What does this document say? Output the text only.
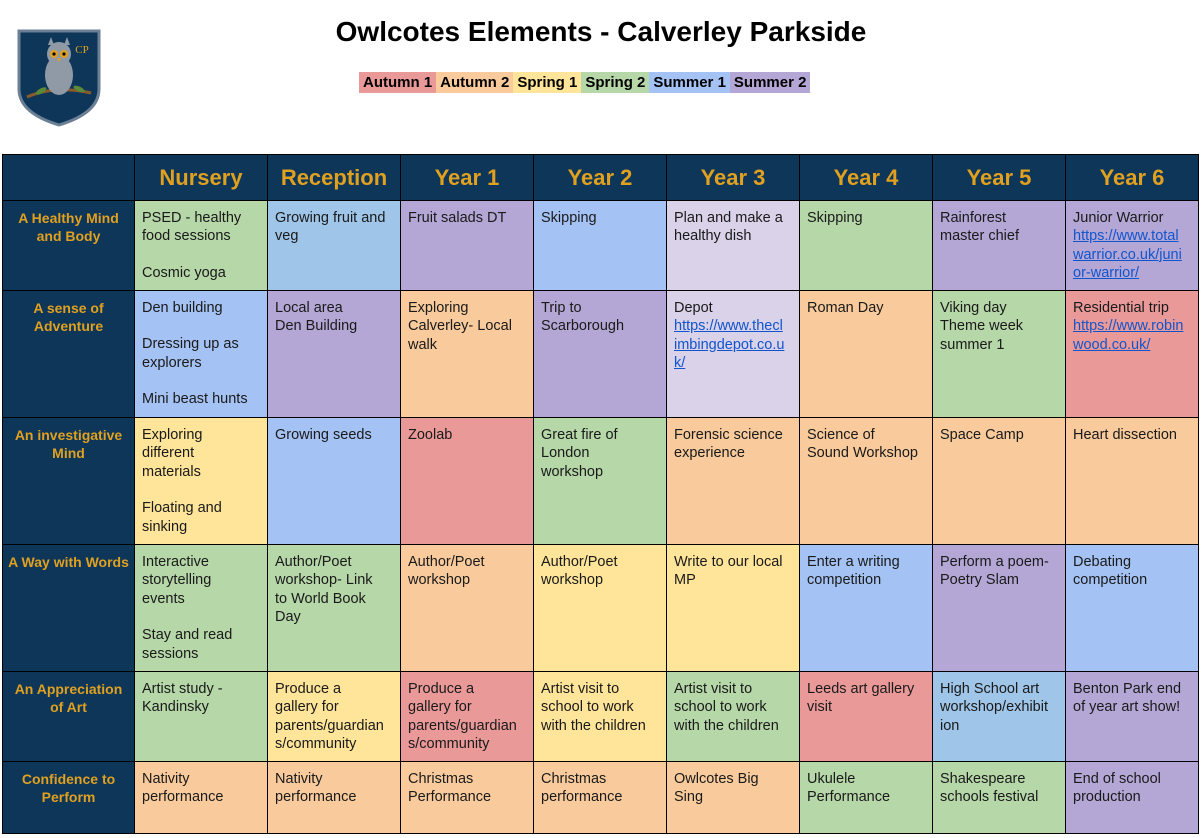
CP
Owlcotes Elements - Calverley Parkside
Autumn 1 Autumn 2 Spring 1 Spring 2 Summer 1 Summer 2
	Nursery	Reception	Year 1	Year 2	Year 3	Year 4	Year 5	Year 6
A Healthy Mind and Body	PSED - healthy
food sessions
Cosmic yoga	Growing fruit and
veg	Fruit salads DT	Skipping	Plan and make a
healthy dish	Skipping	Rainforest
master chief	Junior Warrior
https://www.total
warrior.co.uk/juni
or-warrior/

A sense of Adventure	Den building
Dressing up as
explorers
Mini beast hunts	Local area
Den Building	Exploring
Calverley- Local
walk	Trip to
Scarborough	Depot
https://www.thecl
imbingdepot.co.u
k/	Roman Day	Viking day
Theme week
summer 1	Residential trip
https://www.robin
wood.co.uk/

An investigative Mind	Exploring
different
materials
Floating and
sinking	Growing seeds	Zoolab	Great fire of
London
workshop	Forensic science
experience	Science of
Sound Workshop	Space Camp	Heart dissection

A Way with Words	Interactive
storytelling
events
Stay and read
sessions	Author/Poet
workshop- Link
to World Book
Day	Author/Poet
workshop	Author/Poet
workshop	Write to our local
MP	Enter a writing
competition	Perform a poem-
Poetry Slam	Debating
competition

An Appreciation of Art	Artist study -
Kandinsky	Produce a
gallery for
parents/guardian
s/community	Produce a
gallery for
parents/guardian
s/community	Artist visit to
school to work
with the children	Artist visit to
school to work
with the children	Leeds art gallery
visit	High School art
workshop/exhibit
ion	Benton Park end
of year art show!

Confidence to Perform	Nativity
performance	Nativity
performance	Christmas
Performance	Christmas
performance	Owlcotes Big
Sing	Ukulele
Performance	Shakespeare
schools festival	End of school
production
